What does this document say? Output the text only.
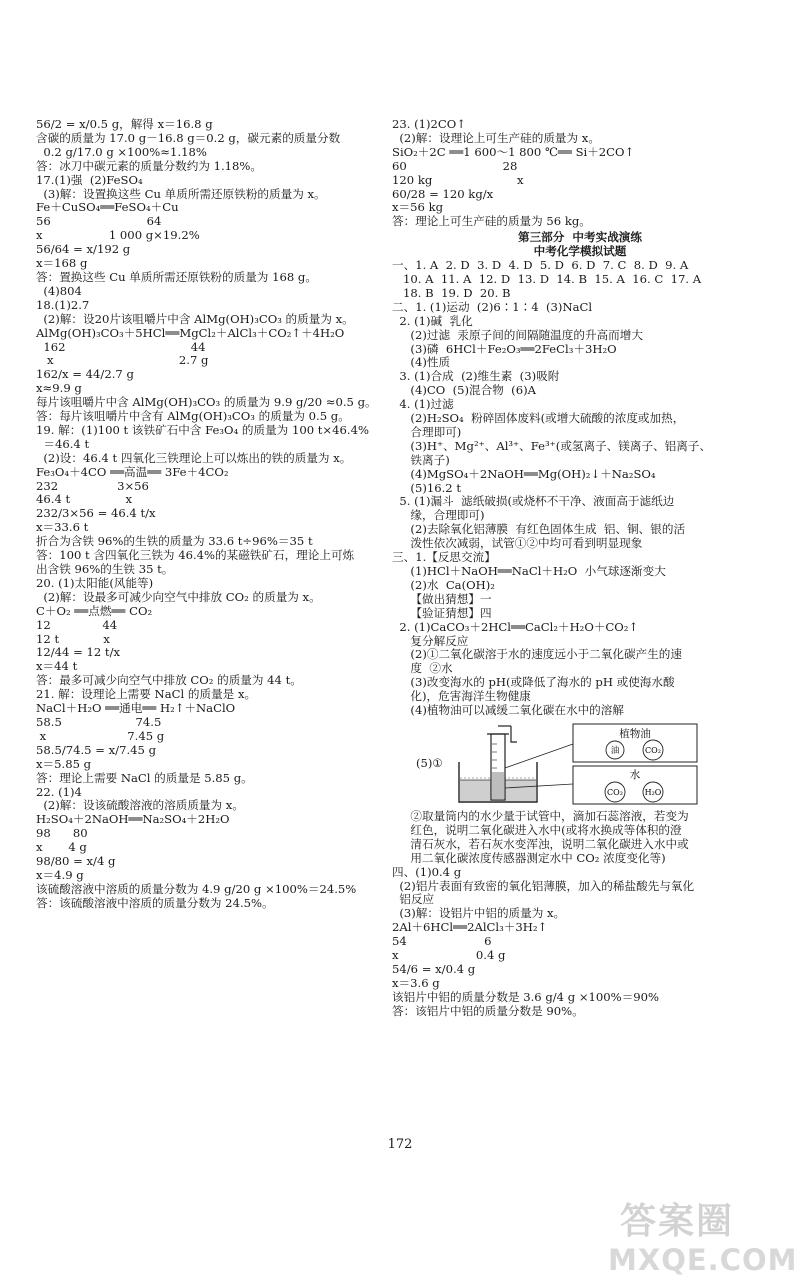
56/2 = x/0.5 g，解得 x＝16.8 g
含碳的质量为 17.0 g－16.8 g＝0.2 g，碳元素的质量分数
0.2 g/17.0 g ×100%≈1.18%
答：冰刀中碳元素的质量分数约为 1.18%。
17.(1)强  (2)FeSO₄
(3)解：设置换这些 Cu 单质所需还原铁粉的质量为 x。
Fe＋CuSO₄══FeSO₄＋Cu
56                          64
x                  1 000 g×19.2%
56/64 = x/192 g
x＝168 g
答：置换这些 Cu 单质所需还原铁粉的质量为 168 g。
(4)804
18.(1)2.7
(2)解：设20片该咀嚼片中含 AlMg(OH)₃CO₃ 的质量为 x。
AlMg(OH)₃CO₃＋5HCl══MgCl₂＋AlCl₃＋CO₂↑＋4H₂O
162                                  44
x                                  2.7 g
162/x = 44/2.7 g
x≈9.9 g
每片该咀嚼片中含 AlMg(OH)₃CO₃ 的质量为 9.9 g/20 ≈0.5 g。
答：每片该咀嚼片中含有 AlMg(OH)₃CO₃ 的质量为 0.5 g。
19. 解：(1)100 t 该铁矿石中含 Fe₃O₄ 的质量为 100 t×46.4%
＝46.4 t
(2)设：46.4 t 四氧化三铁理论上可以炼出的铁的质量为 x。
Fe₃O₄＋4CO ══高温══ 3Fe＋4CO₂
232                3×56
46.4 t               x
232/3×56 = 46.4 t/x
x＝33.6 t
折合为含铁 96%的生铁的质量为 33.6 t÷96%＝35 t
答：100 t 含四氧化三铁为 46.4%的某磁铁矿石，理论上可炼
出含铁 96%的生铁 35 t。
20. (1)太阳能(风能等)
(2)解：设最多可减少向空气中排放 CO₂ 的质量为 x。
C＋O₂ ══点燃══ CO₂
12              44
12 t            x
12/44 = 12 t/x
x＝44 t
答：最多可减少向空气中排放 CO₂ 的质量为 44 t。
21. 解：设理论上需要 NaCl 的质量是 x。
NaCl＋H₂O ══通电══ H₂↑＋NaClO
58.5                    74.5
x                      7.45 g
58.5/74.5 = x/7.45 g
x＝5.85 g
答：理论上需要 NaCl 的质量是 5.85 g。
22. (1)4
(2)解：设该硫酸溶液的溶质质量为 x。
H₂SO₄＋2NaOH══Na₂SO₄＋2H₂O
98      80
x       4 g
98/80 = x/4 g
x＝4.9 g
该硫酸溶液中溶质的质量分数为 4.9 g/20 g ×100%＝24.5%
答：该硫酸溶液中溶质的质量分数为 24.5%。
23. (1)2CO↑
(2)解：设理论上可生产硅的质量为 x。
SiO₂＋2C ══1 600～1 800 ℃══ Si＋2CO↑
60                          28
120 kg                       x
60/28 = 120 kg/x
x＝56 kg
答：理论上可生产硅的质量为 56 kg。
第三部分  中考实战演练
中考化学模拟试题
一、1. A  2. D  3. D  4. D  5. D  6. D  7. C  8. D  9. A
10. A  11. A  12. D  13. D  14. B  15. A  16. C  17. A
18. B  19. D  20. B
二、1. (1)运动  (2)6∶1∶4  (3)NaCl
2. (1)碱  乳化
(2)过滤  汞原子间的间隔随温度的升高而增大
(3)磷  6HCl＋Fe₂O₃══2FeCl₃＋3H₂O
(4)性质
3. (1)合成  (2)维生素  (3)吸附
(4)CO  (5)混合物  (6)A
4. (1)过滤
(2)H₂SO₄  粉碎固体废料(或增大硫酸的浓度或加热，
合理即可)
(3)H⁺、Mg²⁺、Al³⁺、Fe³⁺(或氢离子、镁离子、铝离子、
铁离子)
(4)MgSO₄＋2NaOH══Mg(OH)₂↓＋Na₂SO₄
(5)16.2 t
5. (1)漏斗  滤纸破损(或烧杯不干净、液面高于滤纸边
缘，合理即可)
(2)去除氧化铝薄膜  有红色固体生成  铝、铜、银的活
泼性依次减弱，试管①②中均可看到明显现象
三、1.【反思交流】
(1)HCl＋NaOH══NaCl＋H₂O  小气球逐渐变大
(2)水  Ca(OH)₂
【做出猜想】一
【验证猜想】四
2. (1)CaCO₃＋2HCl══CaCl₂＋H₂O＋CO₂↑
复分解反应
(2)①二氧化碳溶于水的速度远小于二氧化碳产生的速
度  ②水
(3)改变海水的 pH(或降低了海水的 pH 或使海水酸
化)，危害海洋生物健康
(4)植物油可以减缓二氧化碳在水中的溶解
(5)①
植物油
油	CO₂
水
CO₂	H₂O
②取量筒内的水少量于试管中，滴加石蕊溶液，若变为
红色，说明二氧化碳进入水中(或将水换成等体积的澄
清石灰水，若石灰水变浑浊，说明二氧化碳进入水中或
用二氧化碳浓度传感器测定水中 CO₂ 浓度变化等)
四、(1)0.4 g
(2)铝片表面有致密的氧化铝薄膜，加入的稀盐酸先与氧化
铝反应
(3)解：设铝片中铝的质量为 x。
2Al＋6HCl══2AlCl₃＋3H₂↑
54                     6
x                     0.4 g
54/6 = x/0.4 g
x＝3.6 g
该铝片中铝的质量分数是 3.6 g/4 g ×100%＝90%
答：该铝片中铝的质量分数是 90%。
172
答案圈
MXQE.COM
